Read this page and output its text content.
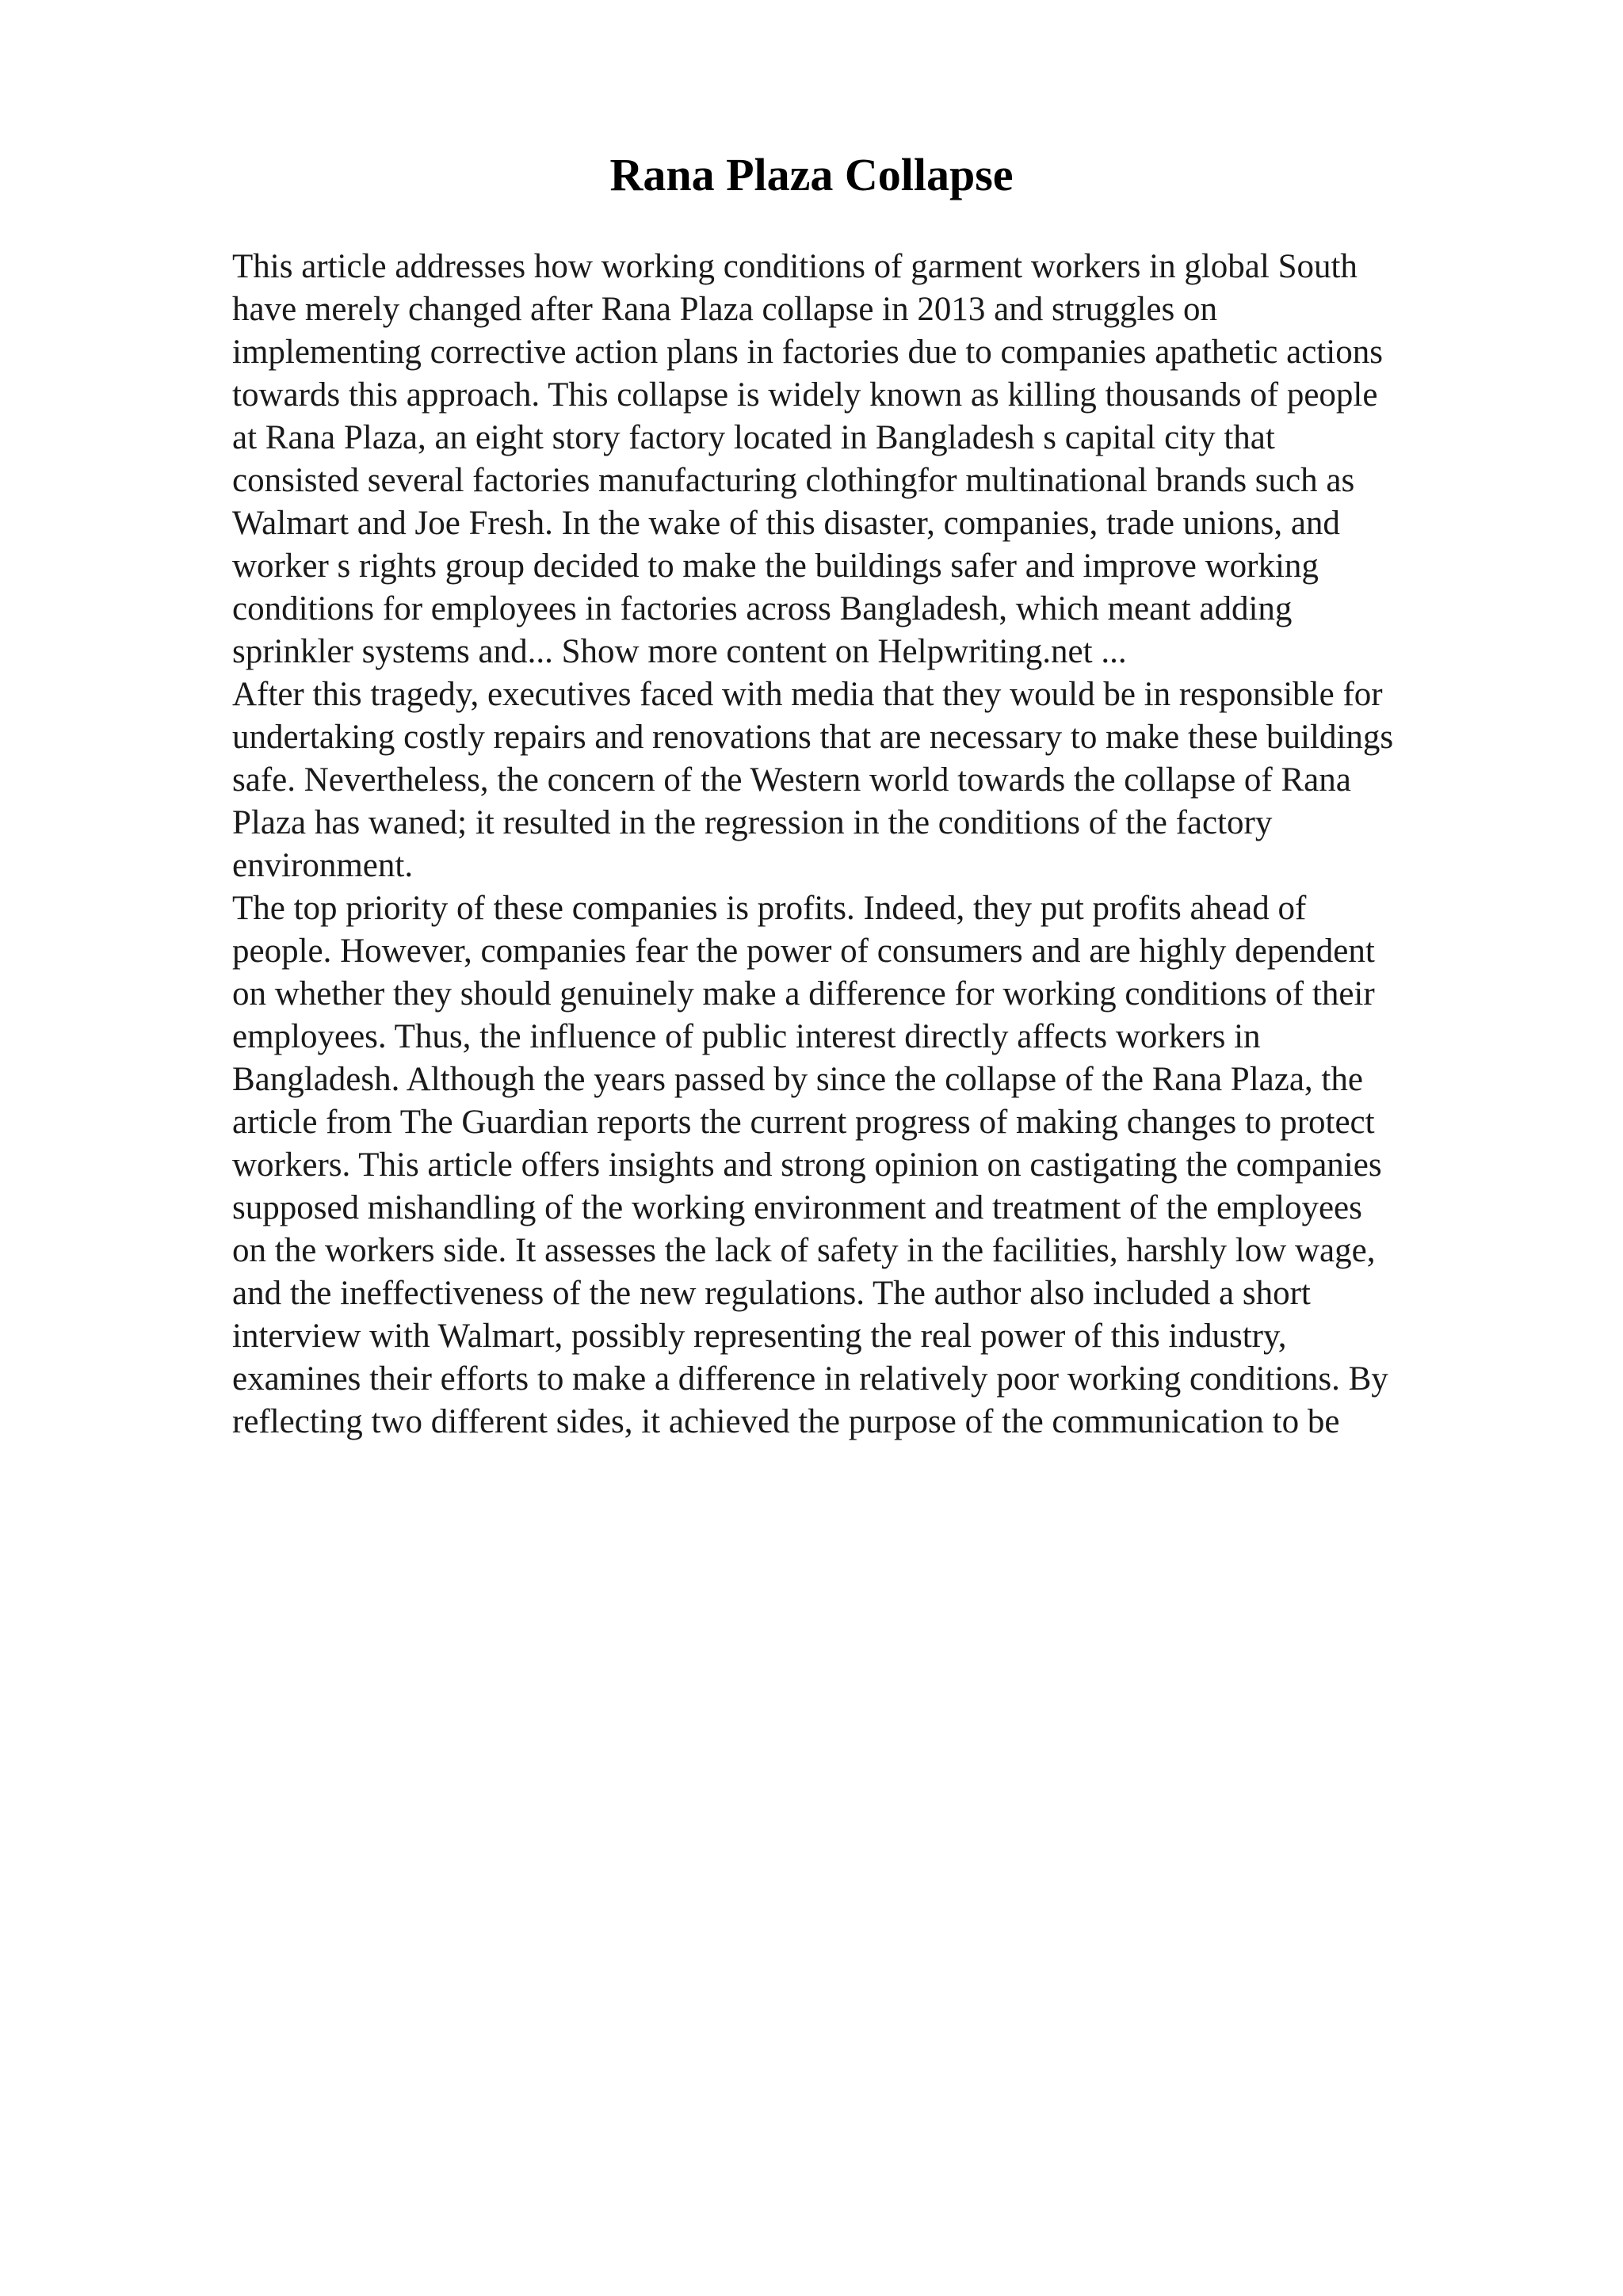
Rana Plaza Collapse
This article addresses how working conditions of garment workers in global South
have merely changed after Rana Plaza collapse in 2013 and struggles on
implementing corrective action plans in factories due to companies apathetic actions
towards this approach. This collapse is widely known as killing thousands of people
at Rana Plaza, an eight story factory located in Bangladesh s capital city that
consisted several factories manufacturing clothingfor multinational brands such as
Walmart and Joe Fresh. In the wake of this disaster, companies, trade unions, and
worker s rights group decided to make the buildings safer and improve working
conditions for employees in factories across Bangladesh, which meant adding
sprinkler systems and... Show more content on Helpwriting.net ...
After this tragedy, executives faced with media that they would be in responsible for
undertaking costly repairs and renovations that are necessary to make these buildings
safe. Nevertheless, the concern of the Western world towards the collapse of Rana
Plaza has waned; it resulted in the regression in the conditions of the factory
environment.
The top priority of these companies is profits. Indeed, they put profits ahead of
people. However, companies fear the power of consumers and are highly dependent
on whether they should genuinely make a difference for working conditions of their
employees. Thus, the influence of public interest directly affects workers in
Bangladesh. Although the years passed by since the collapse of the Rana Plaza, the
article from The Guardian reports the current progress of making changes to protect
workers. This article offers insights and strong opinion on castigating the companies
supposed mishandling of the working environment and treatment of the employees
on the workers side. It assesses the lack of safety in the facilities, harshly low wage,
and the ineffectiveness of the new regulations. The author also included a short
interview with Walmart, possibly representing the real power of this industry,
examines their efforts to make a difference in relatively poor working conditions. By
reflecting two different sides, it achieved the purpose of the communication to be
